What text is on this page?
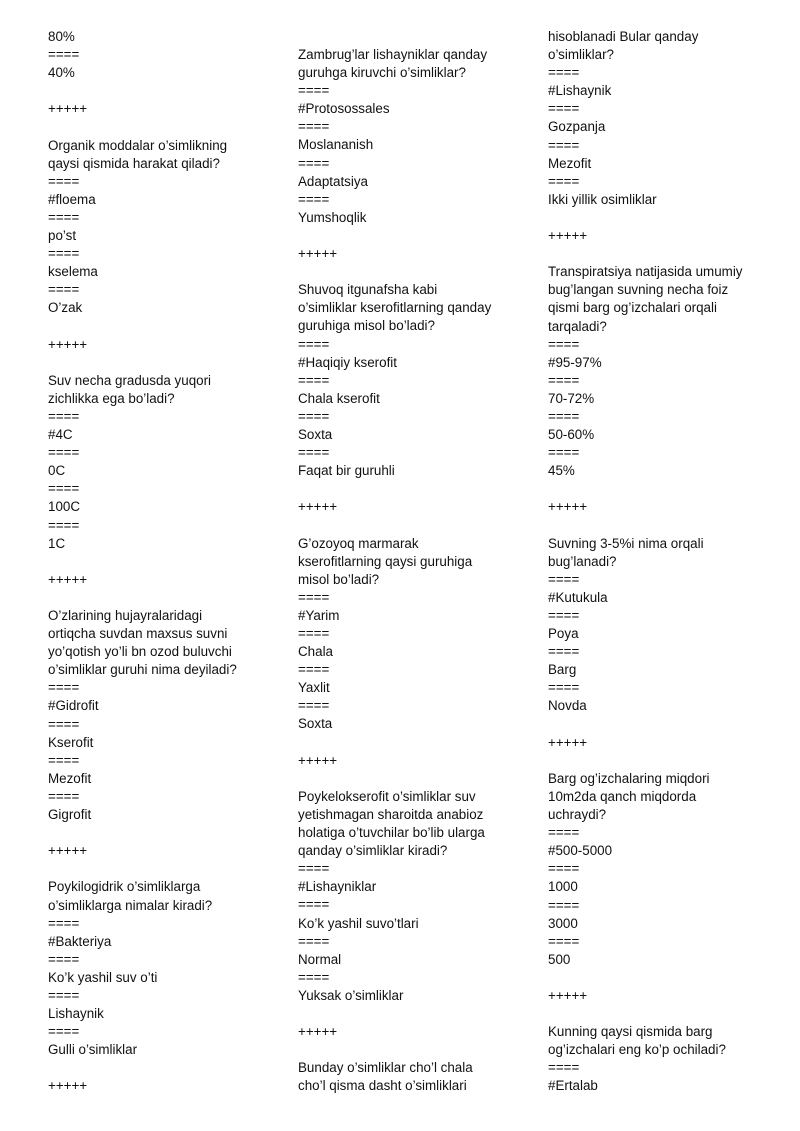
80%
====
40%
+++++
Organik moddalar o’simlikning
qaysi qismida harakat qiladi?
====
#floema
====
po’st
====
kselema
====
O’zak
+++++
Suv necha gradusda yuqori
zichlikka ega bo’ladi?
====
#4C
====
0C
====
100C
====
1C
+++++
O’zlarining hujayralaridagi
ortiqcha suvdan maxsus suvni
yo’qotish yo’li bn ozod buluvchi
o’simliklar guruhi nima deyiladi?
====
#Gidrofit
====
Kserofit
====
Mezofit
====
Gigrofit
+++++
Poykilogidrik o’simliklarga
o’simliklarga nimalar kiradi?
====
#Bakteriya
====
Ko’k yashil suv o’ti
====
Lishaynik
====
Gulli o’simliklar
+++++
Zambrug’lar lishayniklar qanday
guruhga kiruvchi o’simliklar?
====
#Protosossales
====
Moslananish
====
Adaptatsiya
====
Yumshoqlik
+++++
Shuvoq itgunafsha kabi
o’simliklar kserofitlarning qanday
guruhiga misol bo’ladi?
====
#Haqiqiy kserofit
====
Chala kserofit
====
Soxta
====
Faqat bir guruhli
+++++
G’ozoyoq marmarak
kserofitlarning qaysi guruhiga
misol bo’ladi?
====
#Yarim
====
Chala
====
Yaxlit
====
Soxta
+++++
Poykelokserofit o’simliklar suv
yetishmagan sharoitda anabioz
holatiga o’tuvchilar bo’lib ularga
qanday o’simliklar kiradi?
====
#Lishayniklar
====
Ko’k yashil suvo’tlari
====
Normal
====
Yuksak o’simliklar
+++++
Bunday o’simliklar cho’l chala
cho’l qisma dasht o’simliklari
hisoblanadi Bular qanday
o’simliklar?
====
#Lishaynik
====
Gozpanja
====
Mezofit
====
Ikki yillik osimliklar
+++++
Transpiratsiya natijasida umumiy
bug’langan suvning necha foiz
qismi barg og’izchalari orqali
tarqaladi?
====
#95-97%
====
70-72%
====
50-60%
====
45%
+++++
Suvning 3-5%i nima orqali
bug’lanadi?
====
#Kutukula
====
Poya
====
Barg
====
Novda
+++++
Barg og’izchalaring miqdori
10m2da qanch miqdorda
uchraydi?
====
#500-5000
====
1000
====
3000
====
500
+++++
Kunning qaysi qismida barg
og’izchalari eng ko’p ochiladi?
====
#Ertalab
